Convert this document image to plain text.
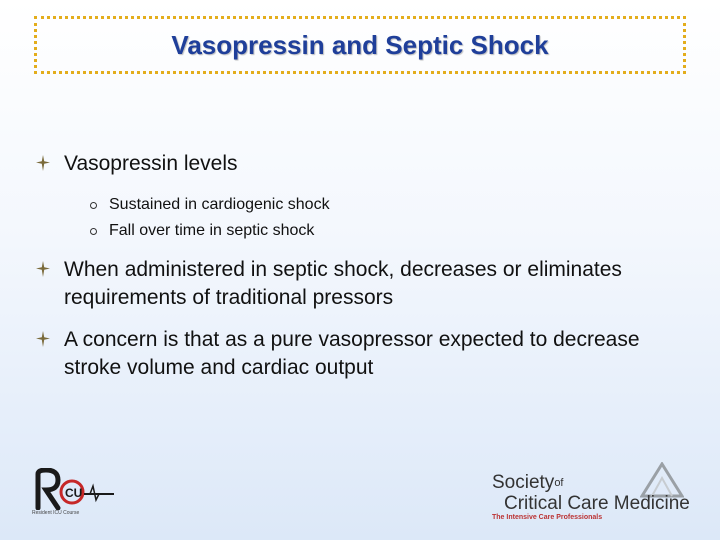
Vasopressin and Septic Shock
Vasopressin levels
Sustained in cardiogenic shock
Fall over time in septic shock
When administered in septic shock, decreases or eliminates requirements of traditional pressors
A concern is that as a pure vasopressor expected to decrease stroke volume and cardiac output
CU
Resident ICU Course
Societyof
Critical Care Medicine
The Intensive Care Professionals
